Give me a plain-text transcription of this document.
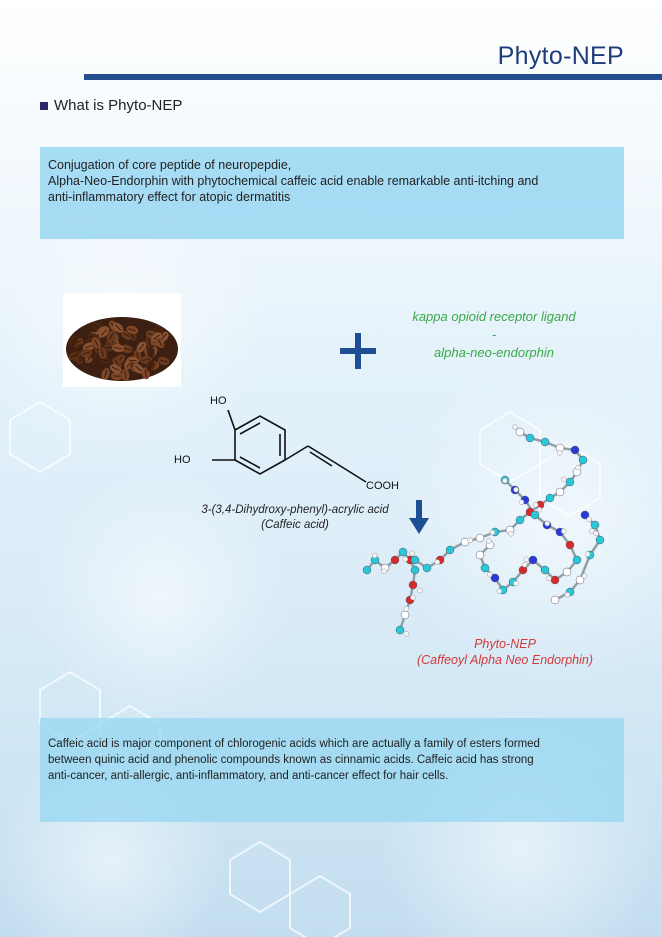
Phyto-NEP
What is Phyto-NEP
Conjugation of core peptide of neuropepdie,
Alpha-Neo-Endorphin with phytochemical caffeic acid enable remarkable anti-itching and
anti-inflammatory effect for atopic dermatitis
kappa opioid receptor ligand
-
alpha-neo-endorphin
HO
HO
COOH
3-(3,4-Dihydroxy-phenyl)-acrylic acid
(Caffeic acid)
Phyto-NEP
(Caffeoyl Alpha Neo Endorphin)
Caffeic acid is major component of chlorogenic acids which are actually a family of esters formed
between quinic acid and phenolic compounds known as cinnamic acids. Caffeic acid has strong
anti-cancer, anti-allergic, anti-inflammatory, and anti-cancer effect for hair cells.
